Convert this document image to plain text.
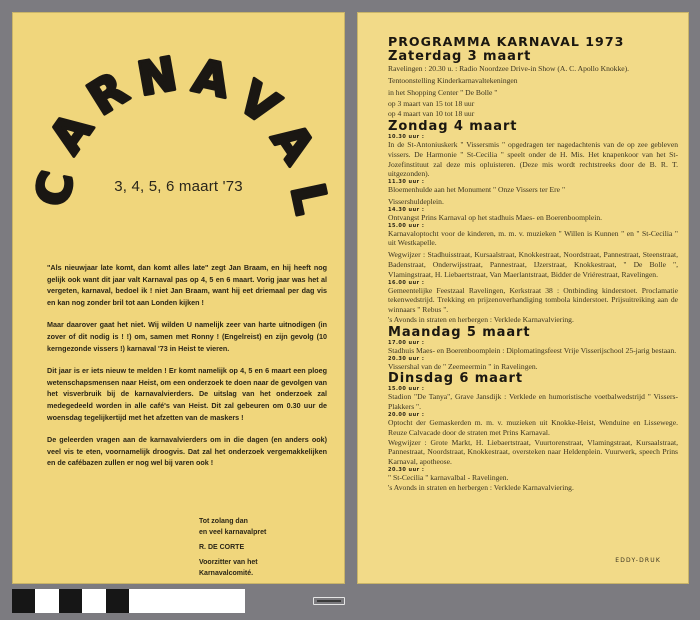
C
A
R
N A
V
A
L
3, 4, 5, 6 maart '73

"Als nieuwjaar late komt, dan komt alles late" zegt Jan Braam, en hij heeft nog gelijk ook want dit jaar valt Karnaval pas op 4, 5 en 6 maart. Vorig jaar was het al vergeten, karnaval, bedoel ik ! niet Jan Braam, want hij eet driemaal per dag vis en kan nog zonder bril tot aan Londen kijken !

Maar daarover gaat het niet. Wij wilden U namelijk zeer van harte uitnodigen (in zover of dit nodig is ! !) om, samen met Ronny ! (Engelreist) en zijn gevolg (10 kerngezonde vissers !) karnaval '73 in Heist te vieren.

Dit jaar is er iets nieuw te melden ! Er komt namelijk op 4, 5 en 6 maart een ploeg wetenschapsmensen naar Heist, om een onderzoek te doen naar de gevolgen van het visverbruik bij de karnavalvierders. De uitslag van het onderzoek zal medegedeeld worden in alle café's van Heist. Dit zal gebeuren om 0.30 uur de woensdag tegelijkertijd met het afzetten van de maskers !

De geleerden vragen aan de karnavalvierders om in die dagen (en anders ook) veel vis te eten, voornamelijk droogvis. Dat zal het onderzoek vergemakkelijken en de cafébazen zullen er nog wel bij varen ook !

Tot zolang dan
en veel karnavalpret
R. DE CORTE
Voorzitter van het
Karnavalcomité.
PROGRAMMA KARNAVAL 1973
Zaterdag 3 maart
Ravelingen : 20.30 u. : Radio Noordzee Drive-in Show (A. C. Apollo Knokke).
Tentoonstelling Kinderkarnavaltekeningen
in het Shopping Center " De Bolle "
op 3 maart van 15 tot 18 uur
op 4 maart van 10 tot 18 uur
Zondag 4 maart
10.30 uur :
In de St-Antoniuskerk " Vissersmis " opgedragen ter nagedachtenis van de op zee gebleven vissers. De Harmonie " St-Cecilia " speelt onder de H. Mis. Het knapenkoor van het St-Jozefinstituut zal deze mis opluisteren. (Deze mis wordt rechtstreeks door de B. R. T. uitgezonden).
11.30 uur :
Bloemenhulde aan het Monument " Onze Vissers ter Ere "
Vissershuldeplein.
14.30 uur :
Ontvangst Prins Karnaval op het stadhuis Maes- en Boerenboomplein.
15.00 uur :
Karnavaloptocht voor de kinderen, m. m. v. muzieken " Willen is Kunnen " en " St-Cecilia " uit Westkapelle.
Wegwijzer : Stadhuisstraat, Kursaalstraat, Knokkestraat, Noordstraat, Pannestraat, Steenstraat, Badenstraat, Onderwijsstraat, Pannestraat, IJzerstraat, Knokkestraat, " De Bolle ", Vlamingstraat, H. Liebaertstraat, Van Maerlantstraat, Bidder de Vriérestraat, Ravelingen.
16.00 uur :
Gemeentelijke Feestzaal Ravelingen, Kerkstraat 38 : Ontbinding kinderstoet. Proclamatie tekenwedstrijd. Trekking en prijzenoverhandiging tombola kinderstoet. Prijsuitreiking aan de winnaars " Rebus ".
's Avonds in straten en herbergen : Verklede Karnavalviering.
Maandag 5 maart
17.00 uur :
Stadhuis Maes- en Boerenboomplein : Diplomatingsfeest Vrije Visserijschool 25-jarig bestaan.
20.30 uur :
Vissershal van de " Zeemeermin " in Ravelingen.
Dinsdag 6 maart
15.00 uur :
Stadion "De Tanya", Grave Jansdijk : Verklede en humoristische voetbalwedstrijd " Vissers-Plakkers ".
20.00 uur :
Optocht der Gemaskerden m. m. v. muzieken uit Knokke-Heist, Wenduine en Lissewege. Reuze Calvacade door de straten met Prins Karnaval.
Wegwijzer : Grote Markt, H. Liebaertstraat, Vuurtorenstraat, Vlamingstraat, Kursaalstraat, Pannestraat, Noordstraat, Knokkestraat, oversteken naar Heldenplein. Vuurwerk, speech Prins Karnaval, apotheose.
20.30 uur :
" St-Cecilia " karnavalbal - Ravelingen.
's Avonds in straten en herbergen : Verklede Karnavalviering.
EDDY-DRUK
